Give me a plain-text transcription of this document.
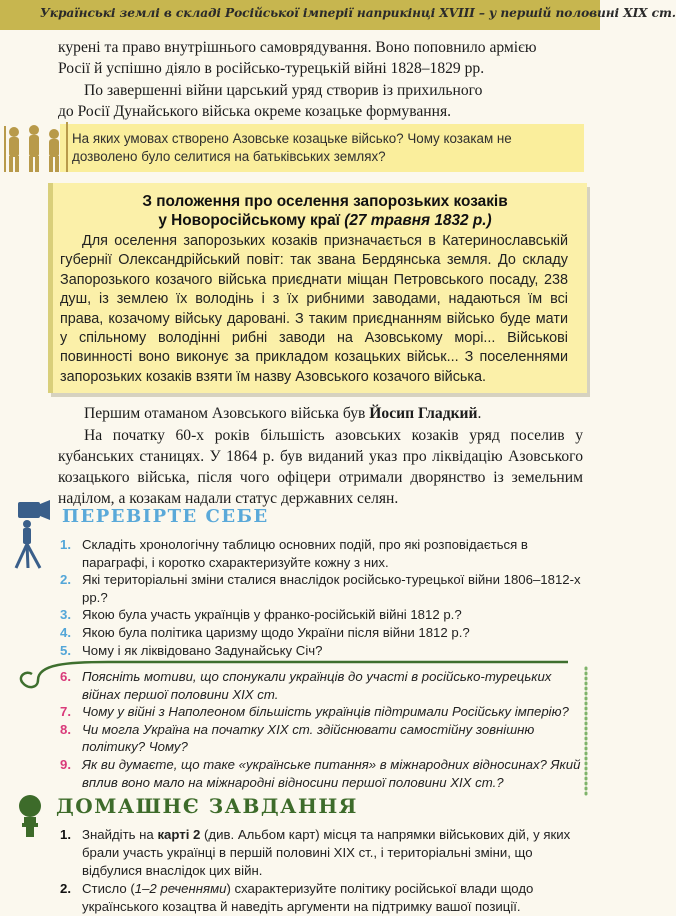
Українські землі в складі Російської імперії наприкінці XVIII – у першій половині XIX ст.
курені та право внутрішнього самоврядування. Воно поповнило армією
Росії й успішно діяло в російсько-турецькій війні 1828–1829 рр.
По завершенні війни царський уряд створив із прихильного
до Росії Дунайського війська окреме козацьке формування.
На яких умовах створено Азовське козацьке військо? Чому козакам не дозволено було селитися на батьківських землях?
З положення про оселення запорозьких козаків
у Новоросійському краї (27 травня 1832 р.)
Для оселення запорозьких козаків призначається в Катеринославській губернії Олександрійський повіт: так звана Бердянська земля. До складу Запорозького козачого війська приєднати міщан Петровського посаду, 238 душ, із землею їх володінь і з їх рибними заводами, надаються їм всі права, козачому війську даровані. З таким приєднанням військо буде мати у спільному володінні рибні заводи на Азовському морі... Військові повинності воно виконує за прикладом козацьких військ... З поселеннями запорозьких козаків взяти їм назву Азовського козачого війська.
Першим отаманом Азовського війська був Йосип Гладкий.
На початку 60-х років більшість азовських козаків уряд поселив у кубанських станицях. У 1864 р. був виданий указ про ліквідацію Азовського козацького війська, після чого офіцери отримали дворянство із земельним наділом, а козакам надали статус державних селян.
ПЕРЕВІРТЕ СЕБЕ
1. Складіть хронологічну таблицю основних подій, про які розповідається в параграфі, і коротко схарактеризуйте кожну з них.
2. Які територіальні зміни сталися внаслідок російсько-турецької війни 1806–1812-х рр.?
3. Якою була участь українців у франко-російській війні 1812 р.?
4. Якою була політика царизму щодо України після війни 1812 р.?
5. Чому і як ліквідовано Задунайську Січ?
6. Поясніть мотиви, що спонукали українців до участі в російсько-турецьких війнах першої половини XIX ст.
7. Чому у війні з Наполеоном більшість українців підтримали Російську імперію?
8. Чи могла Україна на початку XIX ст. здійснювати самостійну зовнішню політику? Чому?
9. Як ви думаєте, що таке «українське питання» в міжнародних відносинах? Який вплив воно мало на міжнародні відносини першої половини XIX ст.?
ДОМАШНЄ ЗАВДАННЯ
1. Знайдіть на карті 2 (див. Альбом карт) місця та напрямки військових дій, у яких брали участь українці в першій половині XIX ст., і територіальні зміни, що відбулися внаслідок цих війн.
2. Стисло (1–2 реченнями) схарактеризуйте політику російської влади щодо українського козацтва й наведіть аргументи на підтримку вашої позиції.
